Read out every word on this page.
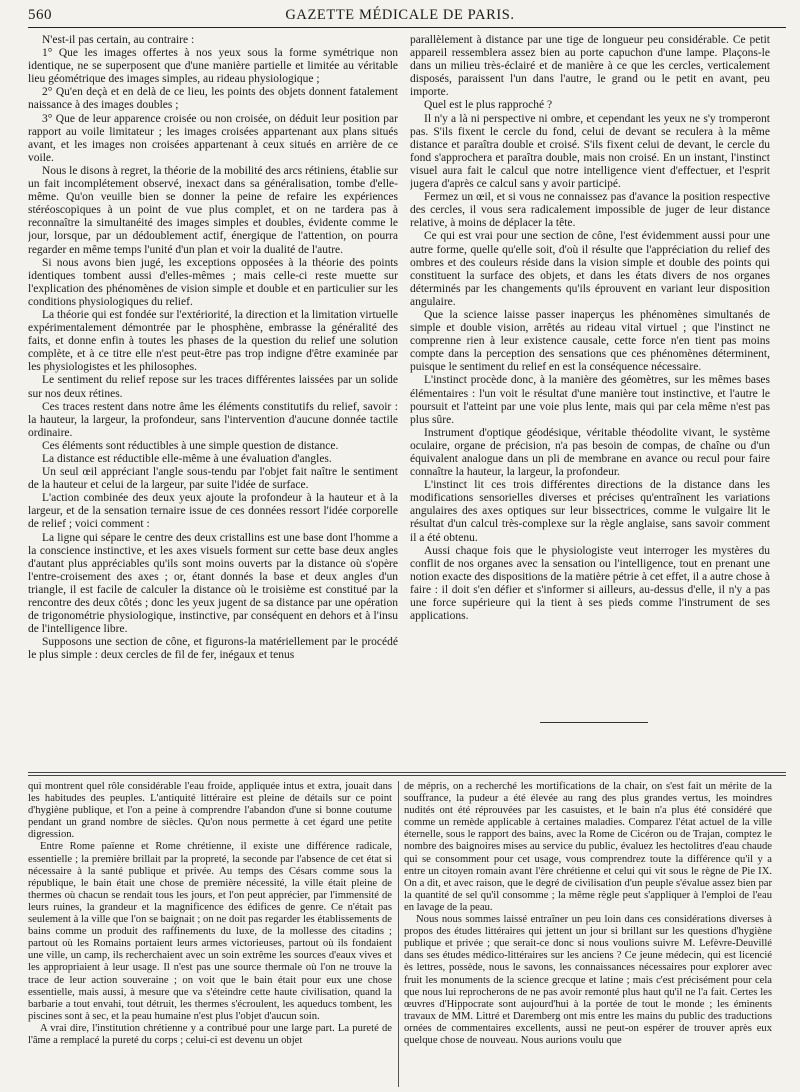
560	GAZETTE MÉDICALE DE PARIS.

N'est-il pas certain, au contraire :

1° Que les images offertes à nos yeux sous la forme symétrique non identique, ne se superposent que d'une manière partielle et limitée au véritable lieu géométrique des images simples, au rideau physiologique ;

2° Qu'en deçà et en delà de ce lieu, les points des objets donnent fatalement naissance à des images doubles ;

3° Que de leur apparence croisée ou non croisée, on déduit leur position par rapport au voile limitateur ; les images croisées appartenant aux plans situés avant, et les images non croisées appartenant à ceux situés en arrière de ce voile.

Nous le disons à regret, la théorie de la mobilité des arcs rétiniens, établie sur un fait incomplétement observé, inexact dans sa généralisation, tombe d'elle-même. Qu'on veuille bien se donner la peine de refaire les expériences stéréoscopiques à un point de vue plus complet, et on ne tardera pas à reconnaître la simultanéité des images simples et doubles, évidente comme le jour, lorsque, par un dédoublement actif, énergique de l'attention, on pourra regarder en même temps l'unité d'un plan et voir la dualité de l'autre.

Si nous avons bien jugé, les exceptions opposées à la théorie des points identiques tombent aussi d'elles-mêmes ; mais celle-ci reste muette sur l'explication des phénomènes de vision simple et double et en particulier sur les conditions physiologiques du relief.

La théorie qui est fondée sur l'extériorité, la direction et la limitation virtuelle expérimentalement démontrée par le phosphène, embrasse la généralité des faits, et donne enfin à toutes les phases de la question du relief une solution complète, et à ce titre elle n'est peut-être pas trop indigne d'être examinée par les physiologistes et les philosophes.

Le sentiment du relief repose sur les traces différentes laissées par un solide sur nos deux rétines.

Ces traces restent dans notre âme les éléments constitutifs du relief, savoir : la hauteur, la largeur, la profondeur, sans l'intervention d'aucune donnée tactile ordinaire.

Ces éléments sont réductibles à une simple question de distance.

La distance est réductible elle-même à une évaluation d'angles.

Un seul œil appréciant l'angle sous-tendu par l'objet fait naître le sentiment de la hauteur et celui de la largeur, par suite l'idée de surface.

L'action combinée des deux yeux ajoute la profondeur à la hauteur et à la largeur, et de la sensation ternaire issue de ces données ressort l'idée corporelle de relief ; voici comment :

La ligne qui sépare le centre des deux cristallins est une base dont l'homme a la conscience instinctive, et les axes visuels forment sur cette base deux angles d'autant plus appréciables qu'ils sont moins ouverts par la distance où s'opère l'entre-croisement des axes ; or, étant donnés la base et deux angles d'un triangle, il est facile de calculer la distance où le troisième est constitué par la rencontre des deux côtés ; donc les yeux jugent de sa distance par une opération de trigonométrie physiologique, instinctive, par conséquent en dehors et à l'insu de l'intelligence libre.

Supposons une section de cône, et figurons-la matériellement par le procédé le plus simple : deux cercles de fil de fer, inégaux et tenus

parallèlement à distance par une tige de longueur peu considérable. Ce petit appareil ressemblera assez bien au porte capuchon d'une lampe. Plaçons-le dans un milieu très-éclairé et de manière à ce que les cercles, verticalement disposés, paraissent l'un dans l'autre, le grand ou le petit en avant, peu importe.

Quel est le plus rapproché ?

Il n'y a là ni perspective ni ombre, et cependant les yeux ne s'y tromperont pas. S'ils fixent le cercle du fond, celui de devant se reculera à la même distance et paraîtra double et croisé. S'ils fixent celui de devant, le cercle du fond s'approchera et paraîtra double, mais non croisé. En un instant, l'instinct visuel aura fait le calcul que notre intelligence vient d'effectuer, et l'esprit jugera d'après ce calcul sans y avoir participé.

Fermez un œil, et si vous ne connaissez pas d'avance la position respective des cercles, il vous sera radicalement impossible de juger de leur distance relative, à moins de déplacer la tête.

Ce qui est vrai pour une section de cône, l'est évidemment aussi pour une autre forme, quelle qu'elle soit, d'où il résulte que l'appréciation du relief des ombres et des couleurs réside dans la vision simple et double des points qui constituent la surface des objets, et dans les états divers de nos organes déterminés par les changements qu'ils éprouvent en variant leur disposition angulaire.

Que la science laisse passer inaperçus les phénomènes simultanés de simple et double vision, arrêtés au rideau vital virtuel ; que l'instinct ne comprenne rien à leur existence causale, cette force n'en tient pas moins compte dans la perception des sensations que ces phénomènes déterminent, puisque le sentiment du relief en est la conséquence nécessaire.

L'instinct procède donc, à la manière des géomètres, sur les mêmes bases élémentaires : l'un voit le résultat d'une manière tout instinctive, et l'autre le poursuit et l'atteint par une voie plus lente, mais qui par cela même n'est pas plus sûre.

Instrument d'optique géodésique, véritable théodolite vivant, le système oculaire, organe de précision, n'a pas besoin de compas, de chaîne ou d'un équivalent analogue dans un pli de membrane en avance ou recul pour faire connaître la hauteur, la largeur, la profondeur.

L'instinct lit ces trois différentes directions de la distance dans les modifications sensorielles diverses et précises qu'entraînent les variations angulaires des axes optiques sur leur bissectrices, comme le vulgaire lit le résultat d'un calcul très-complexe sur la règle anglaise, sans savoir comment il a été obtenu.

Aussi chaque fois que le physiologiste veut interroger les mystères du conflit de nos organes avec la sensation ou l'intelligence, tout en prenant une notion exacte des dispositions de la matière pétrie à cet effet, il a autre chose à faire : il doit s'en défier et s'informer si ailleurs, au-dessus d'elle, il n'y a pas une force supérieure qui la tient à ses pieds comme l'instrument de ses applications.

qui montrent quel rôle considérable l'eau froide, appliquée intus et extra, jouait dans les habitudes des peuples. L'antiquité littéraire est pleine de détails sur ce point d'hygiène publique, et l'on a peine à comprendre l'abandon d'une si bonne coutume pendant un grand nombre de siècles. Qu'on nous permette à cet égard une petite digression.

Entre Rome païenne et Rome chrétienne, il existe une différence radicale, essentielle ; la première brillait par la propreté, la seconde par l'absence de cet état si nécessaire à la santé publique et privée. Au temps des Césars comme sous la république, le bain était une chose de première nécessité, la ville était pleine de thermes où chacun se rendait tous les jours, et l'on peut apprécier, par l'immensité de leurs ruines, la grandeur et la magnificence des édifices de genre. Ce n'était pas seulement à la ville que l'on se baignait ; on ne doit pas regarder les établissements de bains comme un produit des raffinements du luxe, de la mollesse des citadins ; partout où les Romains portaient leurs armes victorieuses, partout où ils fondaient une ville, un camp, ils recherchaient avec un soin extrême les sources d'eaux vives et les appropriaient à leur usage. Il n'est pas une source thermale où l'on ne trouve la trace de leur action souveraine ; on voit que le bain était pour eux une chose essentielle, mais aussi, à mesure que va s'éteindre cette haute civilisation, quand la barbarie a tout envahi, tout détruit, les thermes s'écroulent, les aqueducs tombent, les piscines sont à sec, et la peau humaine n'est plus l'objet d'aucun soin.

A vrai dire, l'institution chrétienne y a contribué pour une large part. La pureté de l'âme a remplacé la pureté du corps ; celui-ci est devenu un objet

de mépris, on a recherché les mortifications de la chair, on s'est fait un mérite de la souffrance, la pudeur a été élevée au rang des plus grandes vertus, les moindres nudités ont été réprouvées par les casuistes, et le bain n'a plus été considéré que comme un remède applicable à certaines maladies. Comparez l'état actuel de la ville éternelle, sous le rapport des bains, avec la Rome de Cicéron ou de Trajan, comptez le nombre des baignoires mises au service du public, évaluez les hectolitres d'eau chaude qui se consomment pour cet usage, vous comprendrez toute la différence qu'il y a entre un citoyen romain avant l'ère chrétienne et celui qui vit sous le règne de Pie IX. On a dit, et avec raison, que le degré de civilisation d'un peuple s'évalue assez bien par la quantité de sel qu'il consomme ; la même règle peut s'appliquer à l'emploi de l'eau en lavage de la peau.

Nous nous sommes laissé entraîner un peu loin dans ces considérations diverses à propos des études littéraires qui jettent un jour si brillant sur les questions d'hygiène publique et privée ; que serait-ce donc si nous voulions suivre M. Lefèvre-Deuvillé dans ses études médico-littéraires sur les anciens ? Ce jeune médecin, qui est licencié ès lettres, possède, nous le savons, les connaissances nécessaires pour explorer avec fruit les monuments de la science grecque et latine ; mais c'est précisément pour cela que nous lui reprocherons de ne pas avoir remonté plus haut qu'il ne l'a fait. Certes les œuvres d'Hippocrate sont aujourd'hui à la portée de tout le monde ; les éminents travaux de MM. Littré et Daremberg ont mis entre les mains du public des traductions ornées de commentaires excellents, aussi ne peut-on espérer de trouver après eux quelque chose de nouveau. Nous aurions voulu que
